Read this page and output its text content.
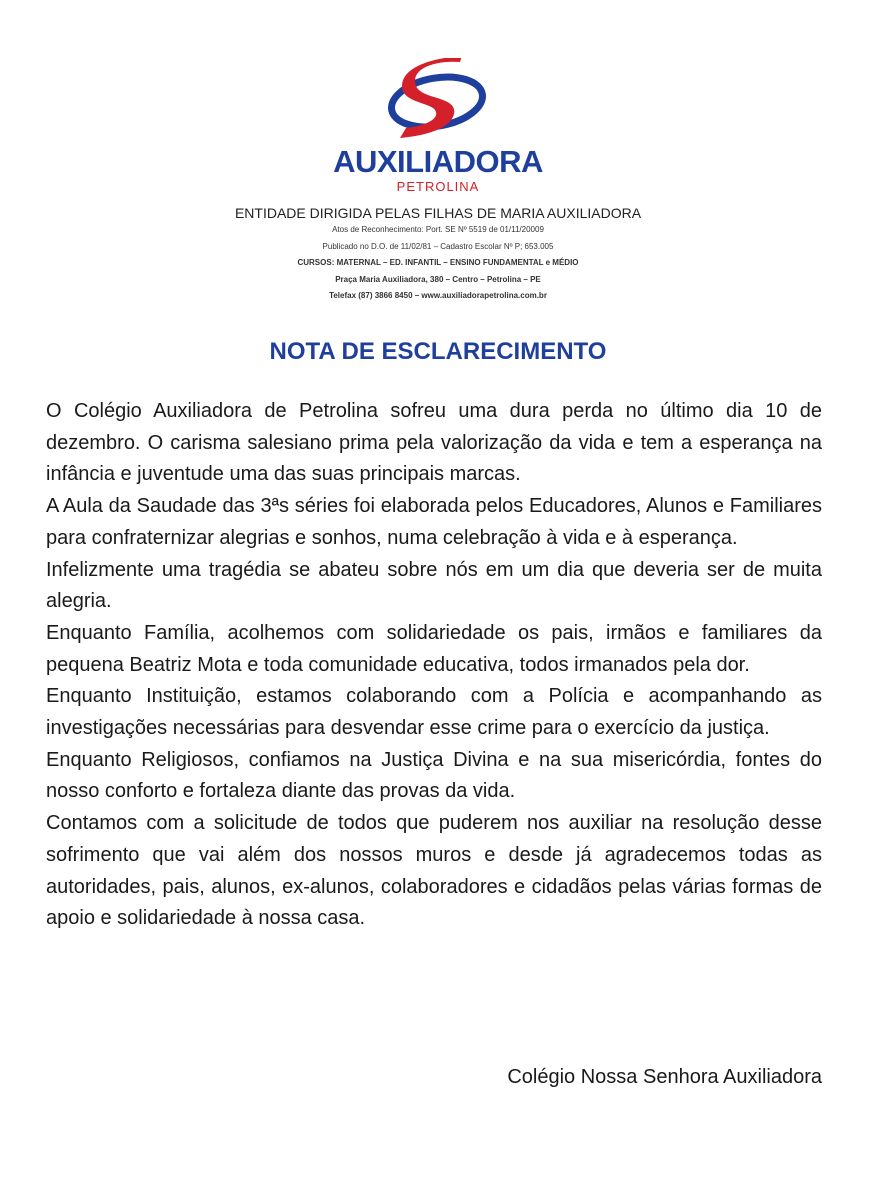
AUXILIADORA
PETROLINA

ENTIDADE DIRIGIDA PELAS FILHAS DE MARIA AUXILIADORA

Atos de Reconhecimento: Port. SE Nº 5519 de 01/11/20009

Publicado no D.O. de 11/02/81 – Cadastro Escolar Nº P; 653.005

CURSOS: MATERNAL – ED. INFANTIL – ENSINO FUNDAMENTAL e MÉDIO

Praça Maria Auxiliadora, 380 – Centro – Petrolina – PE

Telefax (87) 3866 8450 – www.auxiliadorapetrolina.com.br

NOTA DE ESCLARECIMENTO

O Colégio Auxiliadora de Petrolina sofreu uma dura perda no último dia 10 de dezembro. O carisma salesiano prima pela valorização da vida e tem a esperança na infância e juventude uma das suas principais marcas.

A Aula da Saudade das 3ªs séries foi elaborada pelos Educadores, Alunos e Familiares para confraternizar alegrias e sonhos, numa celebração à vida e à esperança.

Infelizmente uma tragédia se abateu sobre nós em um dia que deveria ser de muita alegria.

Enquanto Família, acolhemos com solidariedade os pais, irmãos e familiares da pequena Beatriz Mota e toda comunidade educativa, todos irmanados pela dor.

Enquanto Instituição, estamos colaborando com a Polícia e acompanhando as investigações necessárias para desvendar esse crime para o exercício da justiça.

Enquanto Religiosos, confiamos na Justiça Divina e na sua misericórdia, fontes do nosso conforto e fortaleza diante das provas da vida.

Contamos com a solicitude de todos que puderem nos auxiliar na resolução desse sofrimento que vai além dos nossos muros e desde já agradecemos todas as autoridades, pais, alunos, ex-alunos, colaboradores e cidadãos pelas várias formas de apoio e solidariedade à nossa casa.

Colégio Nossa Senhora Auxiliadora
